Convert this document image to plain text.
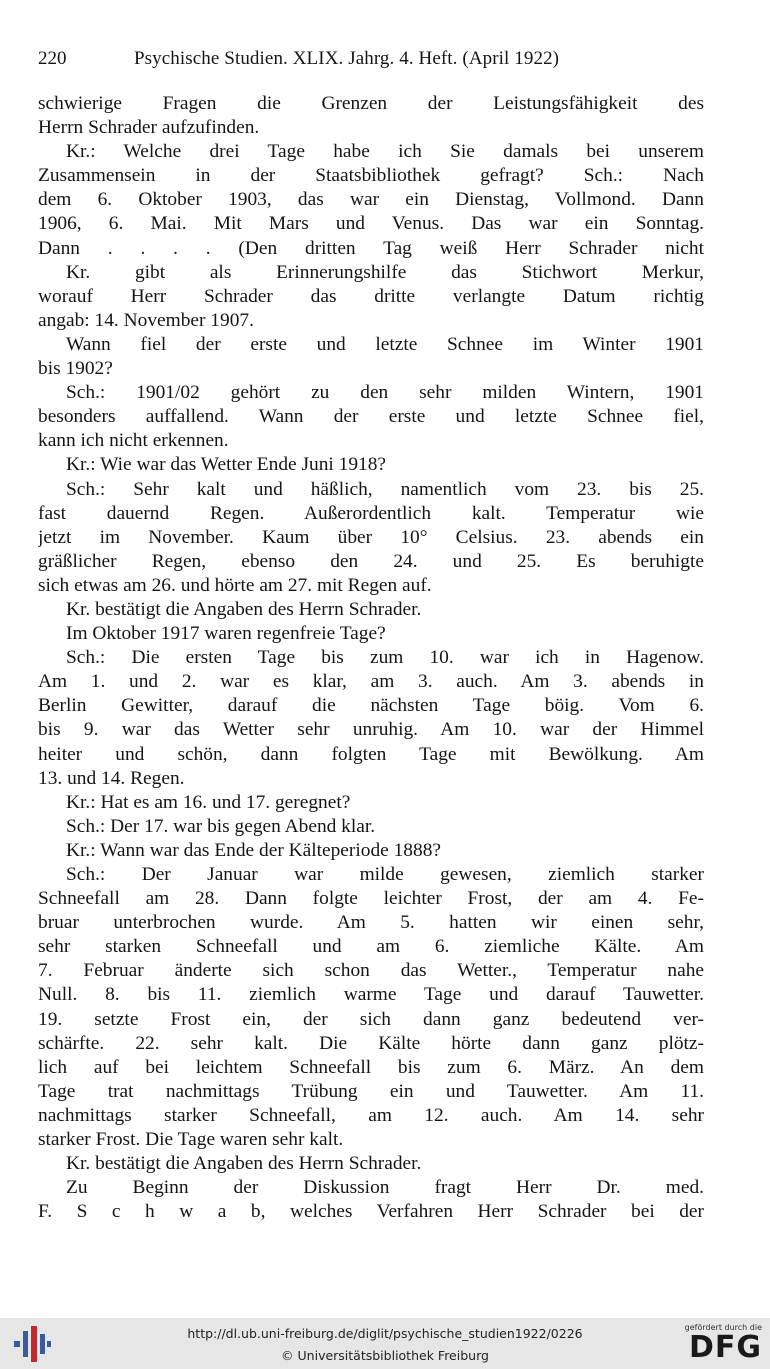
220	Psychische Studien. XLIX. Jahrg. 4. Heft. (April 1922)
schwierige Fragen die Grenzen der Leistungsfähigkeit des
Herrn Schrader aufzufinden.
Kr.: Welche drei Tage habe ich Sie damals bei unserem
Zusammensein in der Staatsbibliothek gefragt? Sch.: Nach
dem 6. Oktober 1903, das war ein Dienstag, Vollmond. Dann
1906, 6. Mai. Mit Mars und Venus. Das war ein Sonntag.
Dann . . . . (Den dritten Tag weiß Herr Schrader nicht
Kr. gibt als Erinnerungshilfe das Stichwort Merkur,
worauf Herr Schrader das dritte verlangte Datum richtig
angab: 14. November 1907.
Wann fiel der erste und letzte Schnee im Winter 1901
bis 1902?
Sch.: 1901/02 gehört zu den sehr milden Wintern, 1901
besonders auffallend. Wann der erste und letzte Schnee fiel,
kann ich nicht erkennen.
Kr.: Wie war das Wetter Ende Juni 1918?
Sch.: Sehr kalt und häßlich, namentlich vom 23. bis 25.
fast dauernd Regen. Außerordentlich kalt. Temperatur wie
jetzt im November. Kaum über 10° Celsius. 23. abends ein
gräßlicher Regen, ebenso den 24. und 25. Es beruhigte
sich etwas am 26. und hörte am 27. mit Regen auf.
Kr. bestätigt die Angaben des Herrn Schrader.
Im Oktober 1917 waren regenfreie Tage?
Sch.: Die ersten Tage bis zum 10. war ich in Hagenow.
Am 1. und 2. war es klar, am 3. auch. Am 3. abends in
Berlin Gewitter, darauf die nächsten Tage böig. Vom 6.
bis 9. war das Wetter sehr unruhig. Am 10. war der Himmel
heiter und schön, dann folgten Tage mit Bewölkung. Am
13. und 14. Regen.
Kr.: Hat es am 16. und 17. geregnet?
Sch.: Der 17. war bis gegen Abend klar.
Kr.: Wann war das Ende der Kälteperiode 1888?
Sch.: Der Januar war milde gewesen, ziemlich starker
Schneefall am 28. Dann folgte leichter Frost, der am 4. Fe-
bruar unterbrochen wurde. Am 5. hatten wir einen sehr,
sehr starken Schneefall und am 6. ziemliche Kälte. Am
7. Februar änderte sich schon das Wetter., Temperatur nahe
Null. 8. bis 11. ziemlich warme Tage und darauf Tauwetter.
19. setzte Frost ein, der sich dann ganz bedeutend ver-
schärfte. 22. sehr kalt. Die Kälte hörte dann ganz plötz-
lich auf bei leichtem Schneefall bis zum 6. März. An dem
Tage trat nachmittags Trübung ein und Tauwetter. Am 11.
nachmittags starker Schneefall, am 12. auch. Am 14. sehr
starker Frost. Die Tage waren sehr kalt.
Kr. bestätigt die Angaben des Herrn Schrader.
Zu Beginn der Diskussion fragt Herr Dr. med.
F. S c h w a b, welches Verfahren Herr Schrader bei der
http://dl.ub.uni-freiburg.de/diglit/psychische_studien1922/0226
© Universitätsbibliothek Freiburg
gefördert durch die
DFG
